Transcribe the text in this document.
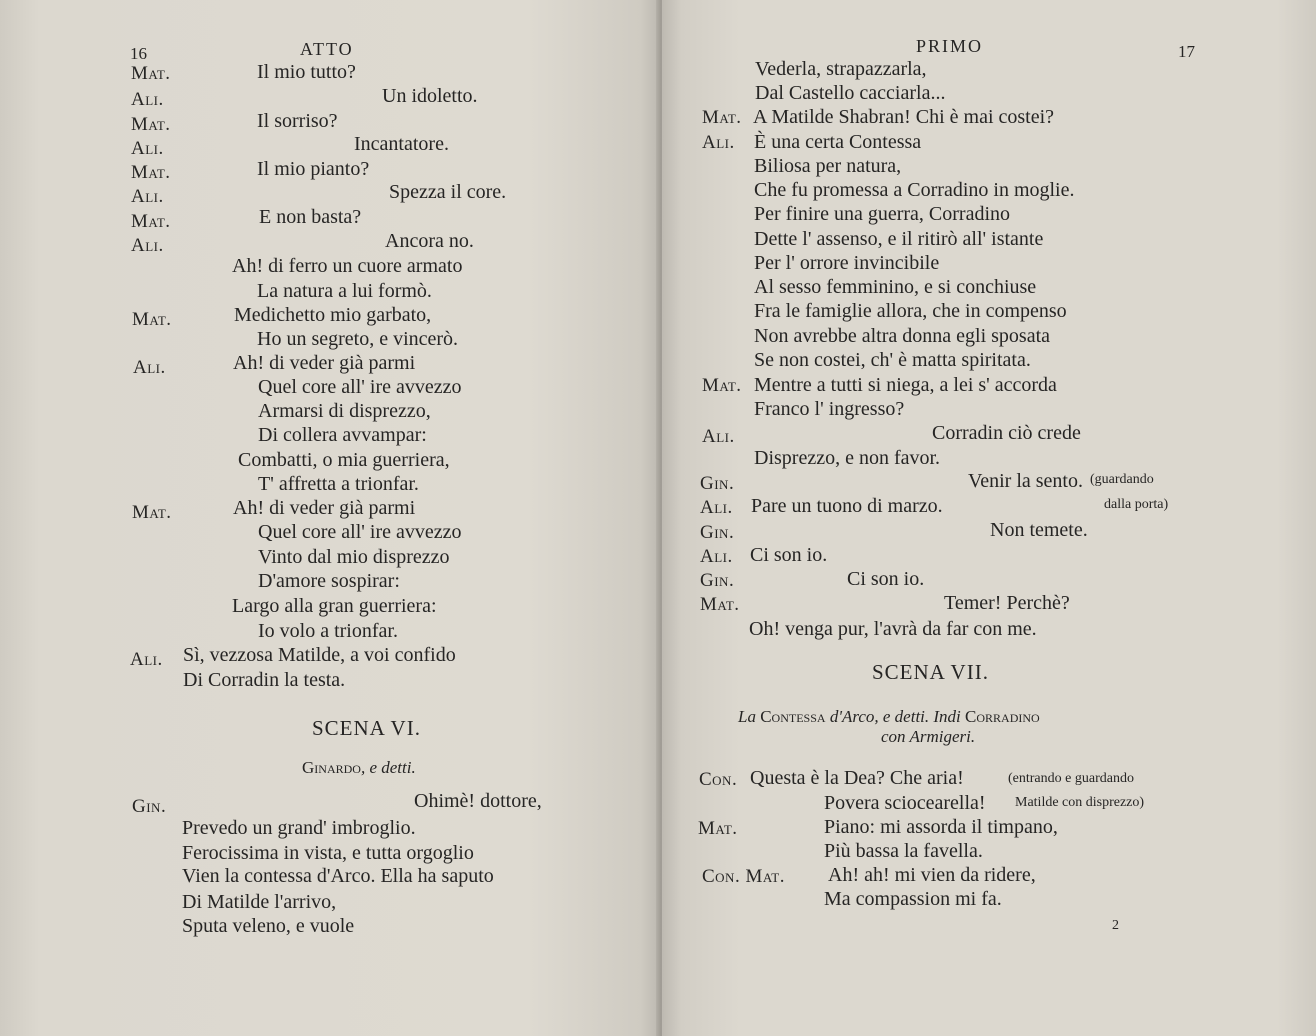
16	ATTO
Mat.	Il mio tutto?
Ali.	Un idoletto.
Mat.	Il sorriso?
Ali.	Incantatore.
Mat.	Il mio pianto?
Ali.	Spezza il core.
Mat.	E non basta?
Ali.	Ancora no.
Ah! di ferro un cuore armato
La natura a lui formò.
Mat.	Medichetto mio garbato,
Ho un segreto, e vincerò.
Ali.	Ah! di veder già parmi
Quel core all' ire avvezzo
Armarsi di disprezzo,
Di collera avvampar:
Combatti, o mia guerriera,
T' affretta a trionfar.
Mat.	Ah! di veder già parmi
Quel core all' ire avvezzo
Vinto dal mio disprezzo
D'amore sospirar:
Largo alla gran guerriera:
Io volo a trionfar.
Ali. Sì, vezzosa Matilde, a voi confido
Di Corradin la testa.
SCENA VI.
Ginardo, e detti.
Gin.	Ohimè! dottore,
Prevedo un grand' imbroglio.
Ferocissima in vista, e tutta orgoglio
Vien la contessa d'Arco. Ella ha saputo
Di Matilde l'arrivo,
Sputa veleno, e vuole
PRIMO	17
Vederla, strapazzarla,
Dal Castello cacciarla...
Mat. A Matilde Shabran! Chi è mai costei?
Ali. È una certa Contessa
Biliosa per natura,
Che fu promessa a Corradino in moglie.
Per finire una guerra, Corradino
Dette l' assenso, e il ritirò all' istante
Per l' orrore invincibile
Al sesso femminino, e si conchiuse
Fra le famiglie allora, che in compenso
Non avrebbe altra donna egli sposata
Se non costei, ch' è matta spiritata.
Mat. Mentre a tutti si niega, a lei s' accorda
Franco l' ingresso?
Ali.	Corradin ciò crede
Disprezzo, e non favor.
Gin.	Venir la sento. (guardando
Ali. Pare un tuono di marzo.	dalla porta)
Gin.	Non temete.
Ali. Ci son io.
Gin.	Ci son io.
Mat.	Temer! Perchè?
Oh! venga pur, l'avrà da far con me.
SCENA VII.
La Contessa d'Arco, e detti. Indi Corradino
con Armigeri.
Con. Questa è la Dea? Che aria!	(entrando e guardando
Povera sciocearella! Matilde con disprezzo)
Mat.	Piano: mi assorda il timpano,
Più bassa la favella.
Con. Mat. Ah! ah! mi vien da ridere,
Ma compassion mi fa.
2
